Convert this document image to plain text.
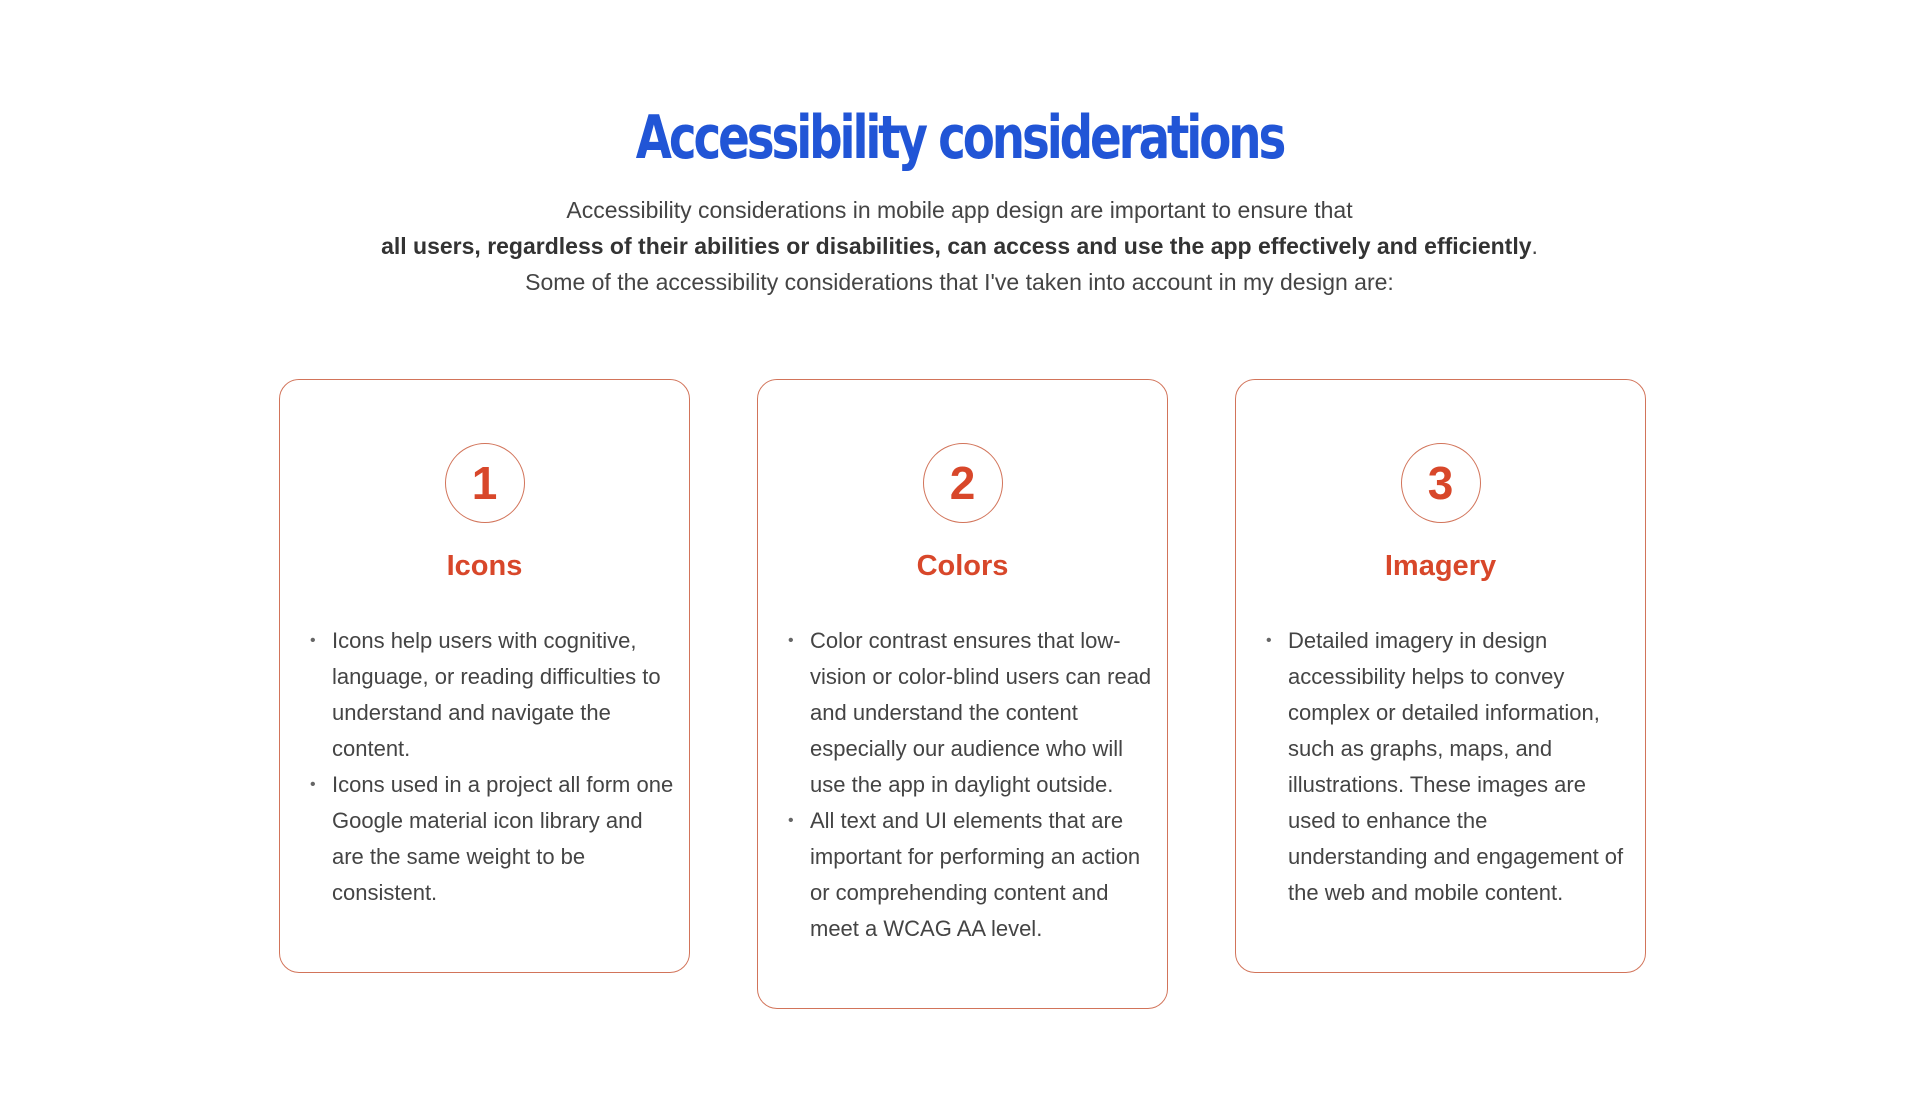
Accessibility considerations

Accessibility considerations in mobile app design are important to ensure that

all users, regardless of their abilities or disabilities, can access and use the app effectively and efficiently.

Some of the accessibility considerations that I've taken into account in my design are:

1
Icons
• Icons help users with cognitive, language, or reading difficulties to understand and navigate the content.
• Icons used in a project all form one Google material icon library and are the same weight to be consistent.
2
Colors
• Color contrast ensures that low-vision or color-blind users can read and understand the content especially our audience who will use the app in daylight outside.
• All text and UI elements that are important for performing an action or comprehending content and meet a WCAG AA level.
3
Imagery
• Detailed imagery in design accessibility helps to convey complex or detailed information, such as graphs, maps, and illustrations. These images are used to enhance the understanding and engagement of the web and mobile content.
